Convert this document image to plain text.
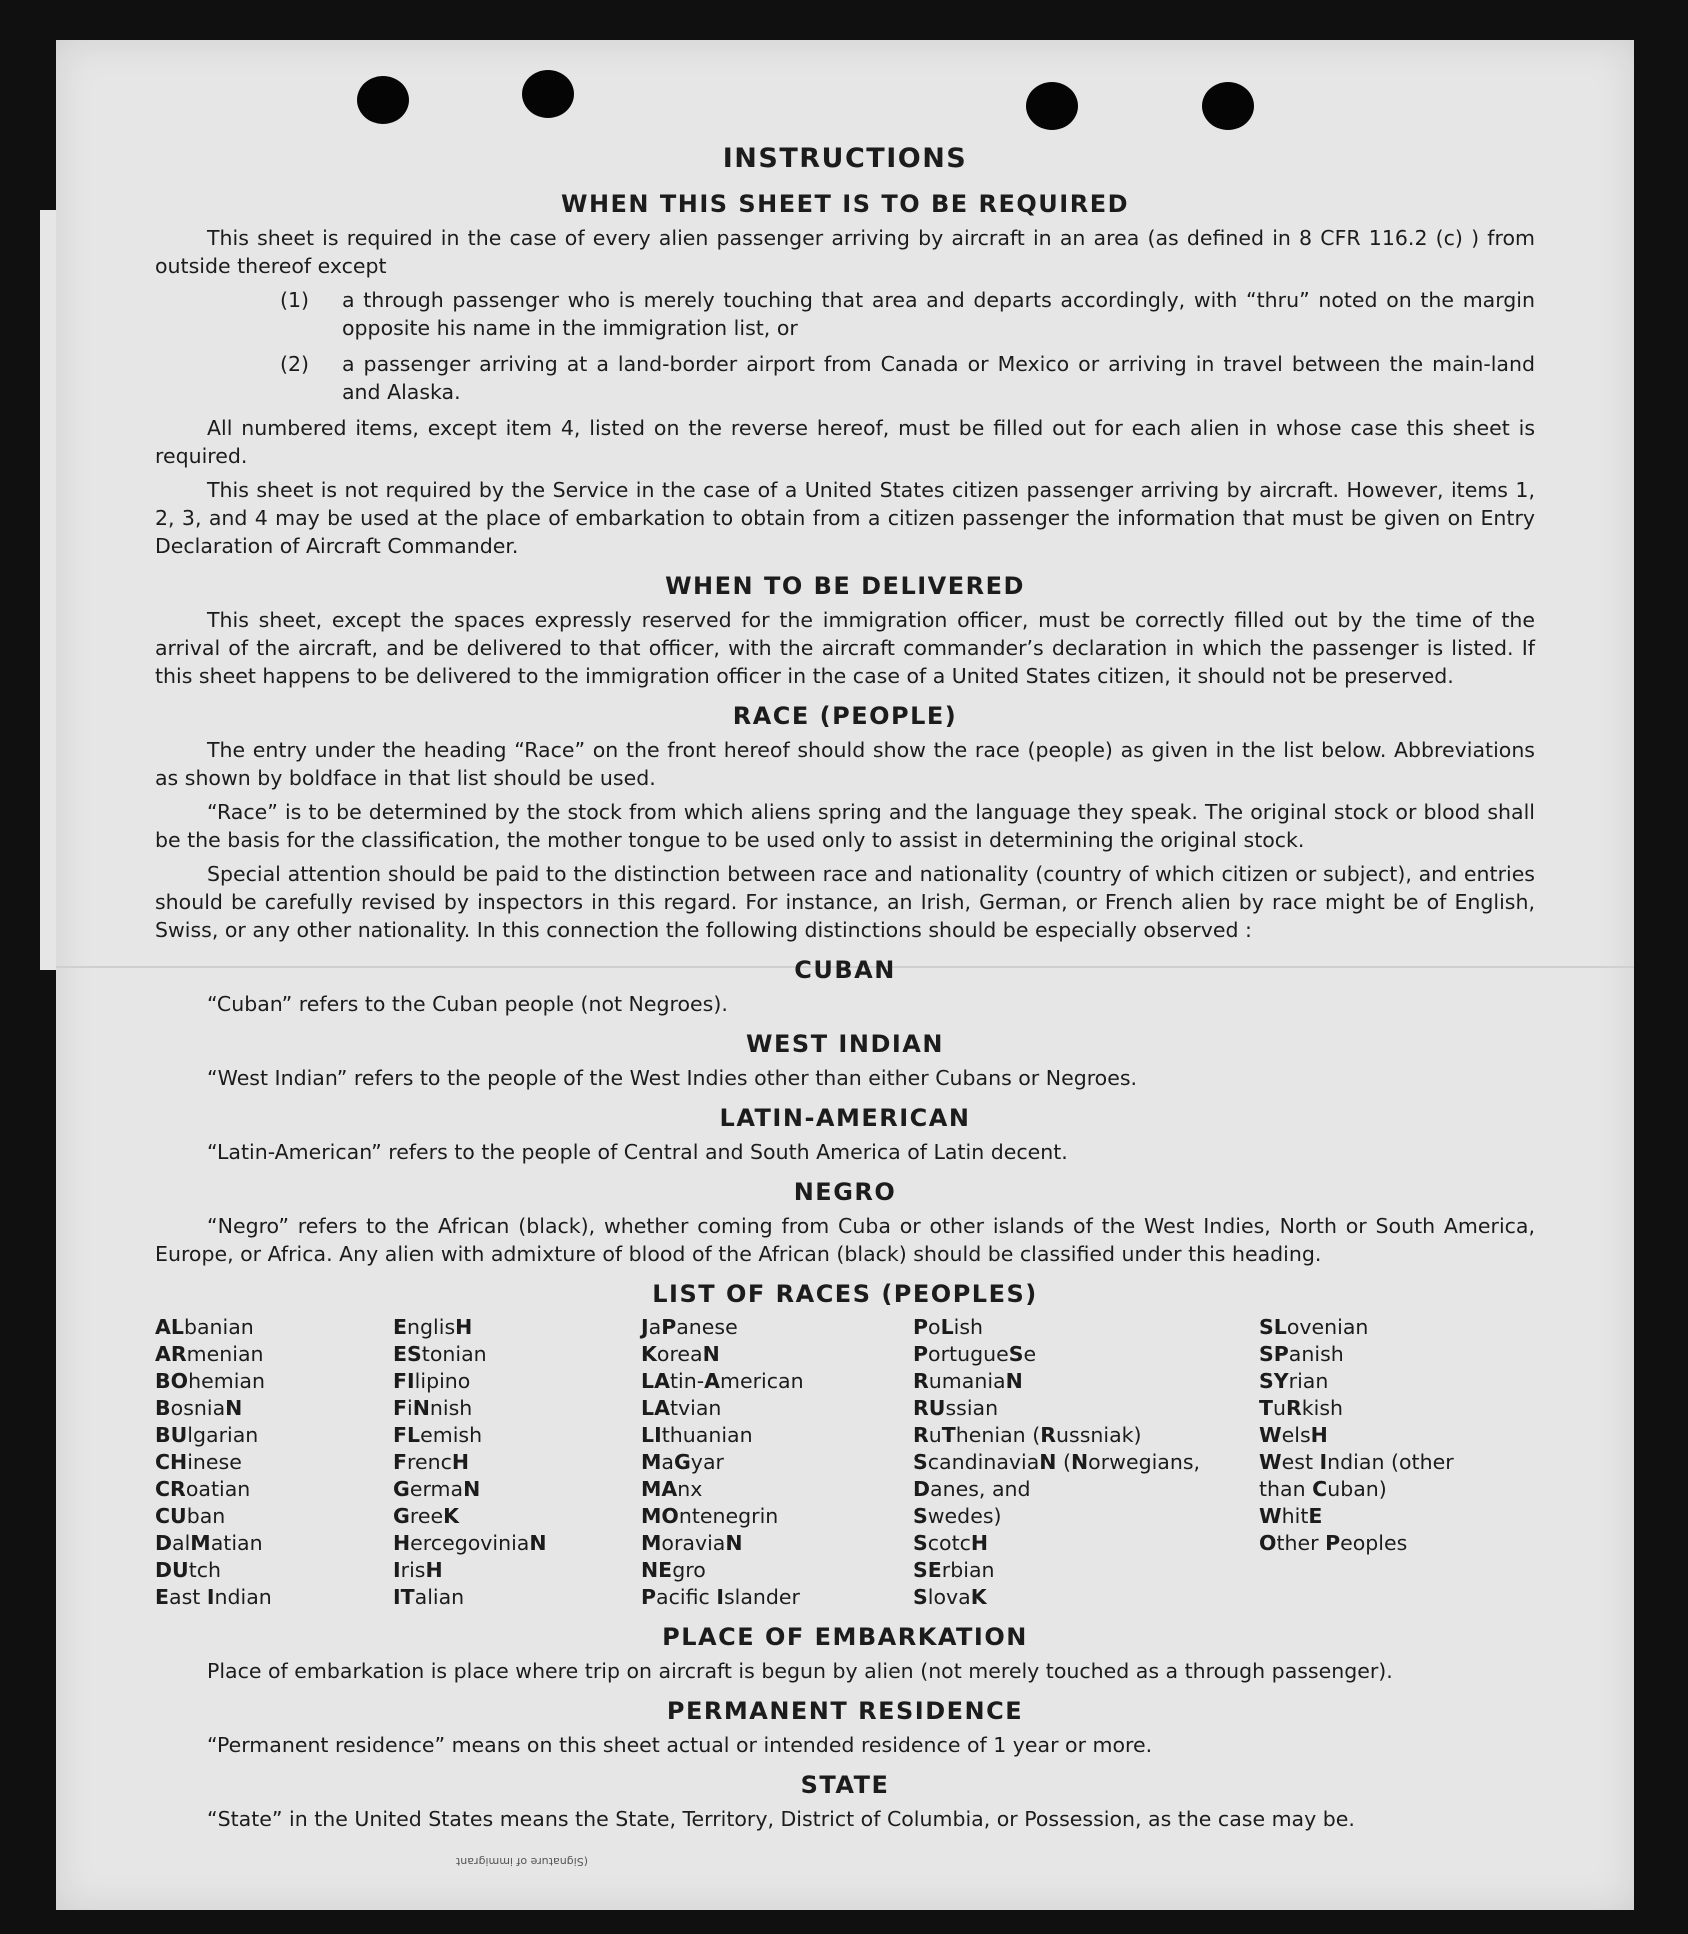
INSTRUCTIONS
WHEN THIS SHEET IS TO BE REQUIRED

This sheet is required in the case of every alien passenger arriving by aircraft in an area (as defined in 8 CFR 116.2 (c) ) from outside thereof except

(1)	a through passenger who is merely touching that area and departs accordingly, with “thru” noted on the margin opposite his name in the immigration list, or
(2)	a passenger arriving at a land-border airport from Canada or Mexico or arriving in travel between the main-land and Alaska.

All numbered items, except item 4, listed on the reverse hereof, must be filled out for each alien in whose case this sheet is required.

This sheet is not required by the Service in the case of a United States citizen passenger arriving by aircraft. However, items 1, 2, 3, and 4 may be used at the place of embarkation to obtain from a citizen passenger the information that must be given on Entry Declaration of Aircraft Commander.

WHEN TO BE DELIVERED

This sheet, except the spaces expressly reserved for the immigration officer, must be correctly filled out by the time of the arrival of the aircraft, and be delivered to that officer, with the aircraft commander’s declaration in which the passenger is listed. If this sheet happens to be delivered to the immigration officer in the case of a United States citizen, it should not be preserved.

RACE (PEOPLE)

The entry under the heading “Race” on the front hereof should show the race (people) as given in the list below. Abbreviations as shown by boldface in that list should be used.

“Race” is to be determined by the stock from which aliens spring and the language they speak. The original stock or blood shall be the basis for the classification, the mother tongue to be used only to assist in determining the original stock.

Special attention should be paid to the distinction between race and nationality (country of which citizen or subject), and entries should be carefully revised by inspectors in this regard. For instance, an Irish, German, or French alien by race might be of English, Swiss, or any other nationality. In this connection the following distinctions should be especially observed :

CUBAN

“Cuban” refers to the Cuban people (not Negroes).

WEST INDIAN

“West Indian” refers to the people of the West Indies other than either Cubans or Negroes.

LATIN-AMERICAN

“Latin-American” refers to the people of Central and South America of Latin decent.

NEGRO

“Negro” refers to the African (black), whether coming from Cuba or other islands of the West Indies, North or South America, Europe, or Africa. Any alien with admixture of blood of the African (black) should be classified under this heading.

LIST OF RACES (PEOPLES)
ALbanian
ARmenian
BOhemian
BosniaN
BUlgarian
CHinese
CRoatian
CUban
DalMatian
DUtch
East Indian
EnglisH
EStonian
FIlipino
FiNnish
FLemish
FrencH
GermaN
GreeK
HercegoviniaN
IrisH
ITalian
JaPanese
KoreaN
LAtin-American
LAtvian
LIthuanian
MaGyar
MAnx
MOntenegrin
MoraviaN
NEgro
Pacifc Islander
PoLish
PortugueSe
RumaniaN
RUssian
RuThenian (Russniak)
ScandinaviaN (Norwegians,
Danes, and
Swedes)
ScotcH
SErbian
SlovaK
SLovenian
SPanish
SYrian
TuRkish
WelsH
West Indian (other
than Cuban)
WhitE
Other Peoples
PLACE OF EMBARKATION

Place of embarkation is place where trip on aircraft is begun by alien (not merely touched as a through passenger).

PERMANENT RESIDENCE

“Permanent residence” means on this sheet actual or intended residence of 1 year or more.

STATE

“State” in the United States means the State, Territory, District of Columbia, or Possession, as the case may be.

(Signature of immigrant
